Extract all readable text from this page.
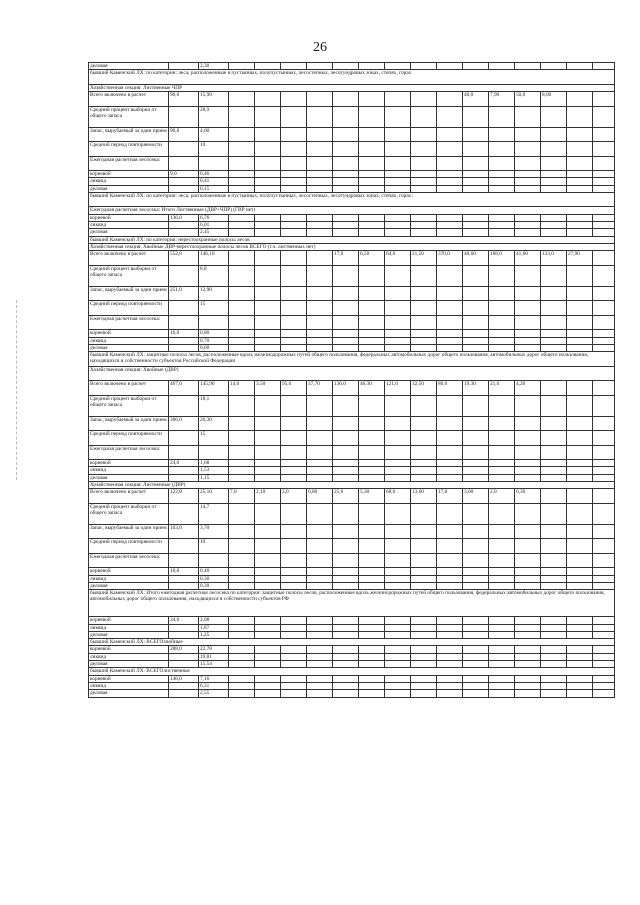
26
деловая		2,30															
бывший Каменский ЛХ: по категории: леса, расположенные в пустынных, полупустынных, лесостепных, лесотундровых зонах, степях, горах																	
Хозяйственная секция: Лиственные ЧПР																	
Всего включено в расчет	96,0	15,90										40,0	7,90	50,0	8,00		
Средний процент выборки от общего запаса		28,9															
Запас, вырубаемый за один прием	90,0	4,60															
Средний период повторяемости		10															
Ежегодная расчетная лесосека:																	
корневой	9,0	0,46															
ликвид		0,41															
деловая		0,15															
бывший Каменский ЛХ: по категории: леса, расположенные в пустынных, полупустынных, лесостепных, лесотундровых зонах, степях, горах:																	
Ежегодная расчетная лесосека: Итого Лиственные (ДВР+ЧПР) (ГВР нет)																	
корневой	136,0	6,76															
ликвид		6,01															
деловая		2,45															
бывший Каменский ЛХ: по категории: нерестоохранные полосы лесов																	
Хозяйственная секция: Хвойные ДВР-нерестоохранные полосы лесов ВСЕГО (т.ч. лиственных нет)																	
Всего включено в расчет	552,0	146,10					17,0	6,50	64,0	21,50	370,0	48,60	168,0	41,60	133,0	27,90	
Средний процент выборки от общего запаса		8,8															
Запас, вырубаемый за один прием	251,0	12,90															
Средний период повторяемости		15															
Ежегодная расчетная лесосека:																	
корневой	16,0	0,80															
ликвид		0,70															
деловая		0,60															
бывший Каменский ЛХ: защитные полосы лесов, расположенные вдоль железнодорожных путей общего пользования, федеральных автомобильных дорог общего пользования, автомобильных дорог общего пользования, находящихся в собственности субъектов Российской Федерации																	
Хозяйственная секция: Хвойные (ДВР)																	
Всего включено в расчет	467,0	145,90	14,0	3,50	95,0	37,70	136,0	46,30	121,0	32,50	80,0	19,30	21,0	4,20			
Средний процент выборки от общего запаса		18,1															
Запас, вырубаемый за один прием	366,0	26,30															
Средний период повторяемости		15															
Ежегодная расчетная лесосека:																	
корневой	24,0	1,68															
ликвид		1,53															
деловая		1,15															
Хозяйственная секция: Лиственные (ДВР)																	
Всего включено в расчет	122,0	25,10	7,0	2,10	3,0	0,80	25,0	5,30	68,0	13,60	17,0	3,00	2,0	0,30			
Средний процент выборки от общего запаса		14,7															
Запас, вырубаемый за один прием	103,0	3,70															
Средний период повторяемости		10															
Ежегодная расчетная лесосека:																	
корневой	10,0	0,40															
ликвид		0,30															
деловая		0,30															
бывший Каменский ЛХ: Итого ежегодная расчетная лесосека по категории: защитные полосы лесов, расположенные вдоль железнодорожных путей общего пользования, федеральных автомобильных дорог общего пользования, автомобильных дорог общего пользования, находящихся в собственности субъектов РФ																	
корневой	34,0	2,08															
ликвид		1,87															
деловая		1,25															
бывший Каменский ЛХ: ВСЕГОхвойные																	
корневой	288,0	22,78															
ликвид		19,81															
деловая		15,54															
бывший Каменский ЛХ: ВСЕГОлиственные																	
корневой	146,0	7,16															
ликвид		6,31															
деловая		2,55															
